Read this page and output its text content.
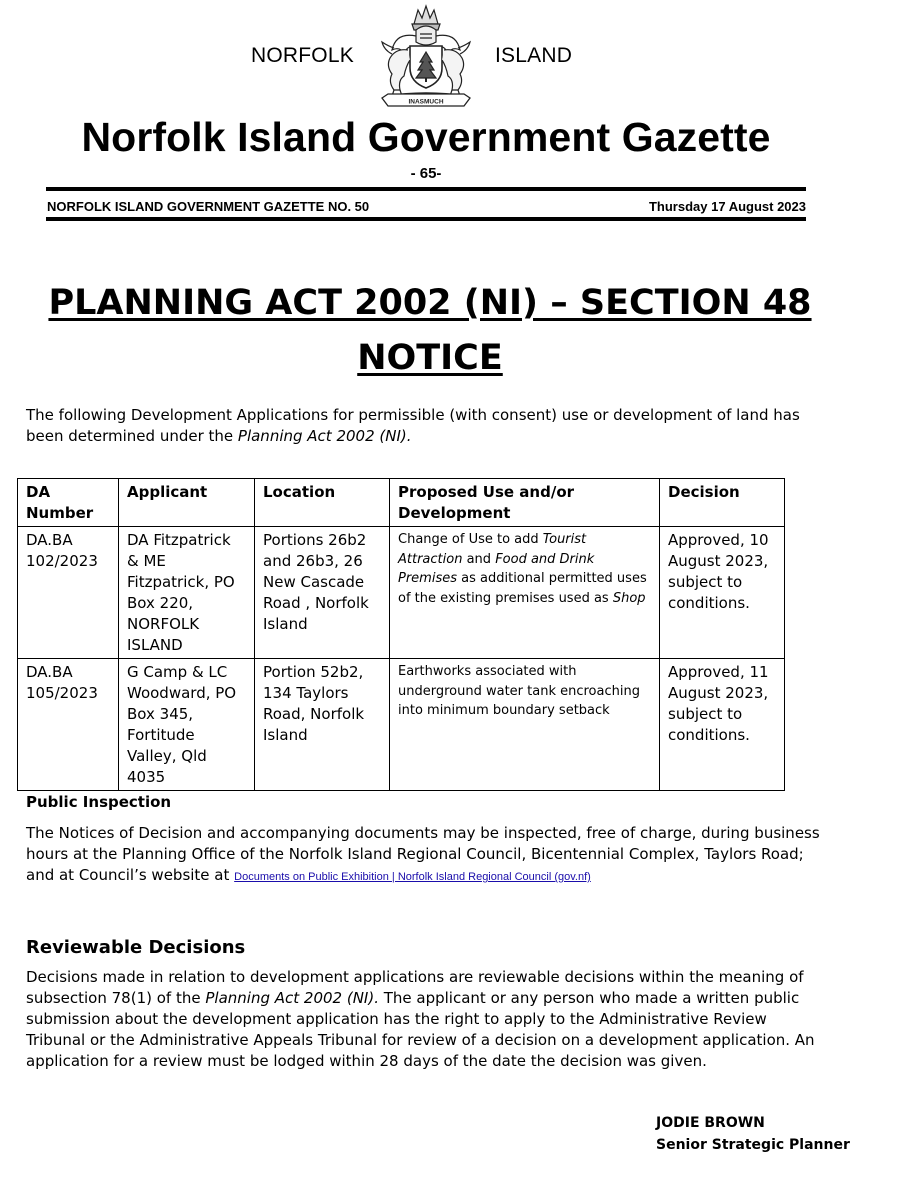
NORFOLK	ISLAND
INASMUCH
Norfolk Island Government Gazette
- 65-
NORFOLK ISLAND GOVERNMENT GAZETTE NO. 50	Thursday 17 August 2023
PLANNING ACT 2002 (NI) – SECTION 48
NOTICE
The following Development Applications for permissible (with consent) use or development of land has been determined under the Planning Act 2002 (NI).
DA Number	Applicant	Location	Proposed Use and/or Development	Decision
DA.BA 102/2023	DA Fitzpatrick & ME Fitzpatrick, PO Box 220, NORFOLK ISLAND	Portions 26b2 and 26b3, 26 New Cascade Road , Norfolk Island	Change of Use to add Tourist Attraction and Food and Drink Premises as additional permitted uses of the existing premises used as Shop	Approved, 10 August 2023, subject to conditions.
DA.BA 105/2023	G Camp & LC Woodward, PO Box 345, Fortitude Valley, Qld 4035	Portion 52b2, 134 Taylors Road, Norfolk Island	Earthworks associated with underground water tank encroaching into minimum boundary setback	Approved, 11 August 2023, subject to conditions.
Public Inspection
The Notices of Decision and accompanying documents may be inspected, free of charge, during business hours at the Planning Office of the Norfolk Island Regional Council, Bicentennial Complex, Taylors Road; and at Council’s website at Documents on Public Exhibition | Norfolk Island Regional Council (gov.nf)
Reviewable Decisions
Decisions made in relation to development applications are reviewable decisions within the meaning of subsection 78(1) of the Planning Act 2002 (NI). The applicant or any person who made a written public submission about the development application has the right to apply to the Administrative Review Tribunal or the Administrative Appeals Tribunal for review of a decision on a development application. An application for a review must be lodged within 28 days of the date the decision was given.
JODIE BROWN
Senior Strategic Planner
